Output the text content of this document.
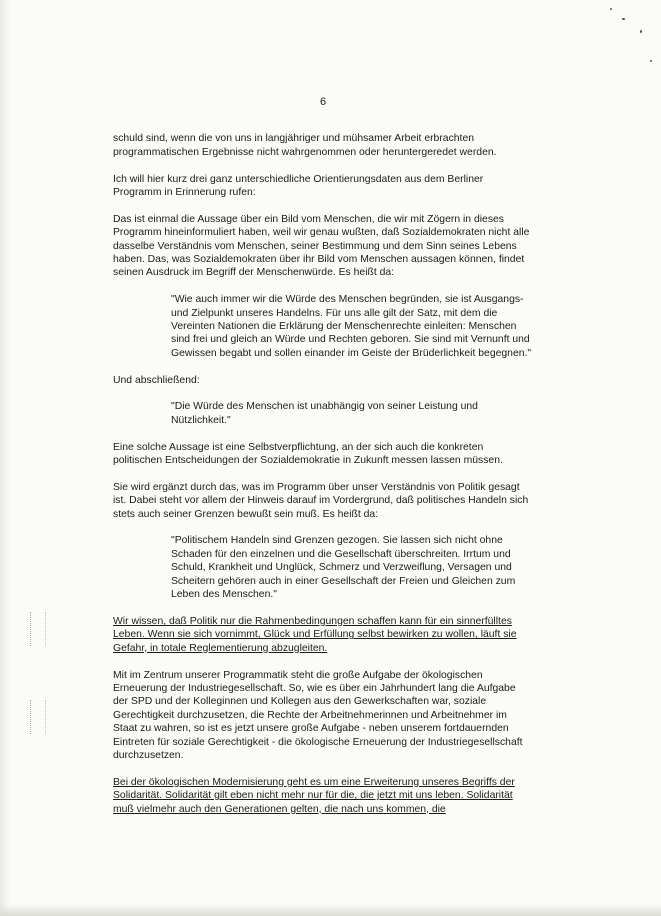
6

schuld sind, wenn die von uns in langjähriger und mühsamer Arbeit erbrachten programmatischen Ergebnisse nicht wahrgenommen oder heruntergeredet werden.

Ich will hier kurz drei ganz unterschiedliche Orientierungsdaten aus dem Berliner Programm in Erinnerung rufen:

Das ist einmal die Aussage über ein Bild vom Menschen, die wir mit Zögern in dieses Programm hineinformuliert haben, weil wir genau wußten, daß Sozialdemokraten nicht alle dasselbe Verständnis vom Menschen, seiner Bestimmung und dem Sinn seines Lebens haben. Das, was Sozialdemokraten über ihr Bild vom Menschen aussagen können, findet seinen Ausdruck im Begriff der Menschenwürde. Es heißt da:

"Wie auch immer wir die Würde des Menschen begründen, sie ist Ausgangs- und Zielpunkt unseres Handelns. Für uns alle gilt der Satz, mit dem die Vereinten Nationen die Erklärung der Menschenrechte einleiten: Menschen sind frei und gleich an Würde und Rechten geboren. Sie sind mit Vernunft und Gewissen begabt und sollen einander im Geiste der Brüderlichkeit begegnen."

Und abschließend:

"Die Würde des Menschen ist unabhängig von seiner Leistung und Nützlichkeit."

Eine solche Aussage ist eine Selbstverpflichtung, an der sich auch die konkreten politischen Entscheidungen der Sozialdemokratie in Zukunft messen lassen müssen.

Sie wird ergänzt durch das, was im Programm über unser Verständnis von Politik gesagt ist. Dabei steht vor allem der Hinweis darauf im Vordergrund, daß politisches Handeln sich stets auch seiner Grenzen bewußt sein muß. Es heißt da:

"Politischem Handeln sind Grenzen gezogen. Sie lassen sich nicht ohne Schaden für den einzelnen und die Gesellschaft überschreiten. Irrtum und Schuld, Krankheit und Unglück, Schmerz und Verzweiflung, Versagen und Scheitern gehören auch in einer Gesellschaft der Freien und Gleichen zum Leben des Menschen."

Wir wissen, daß Politik nur die Rahmenbedingungen schaffen kann für ein sinnerfülltes Leben. Wenn sie sich vornimmt, Glück und Erfüllung selbst bewirken zu wollen, läuft sie Gefahr, in totale Reglementierung abzugleiten.

Mit im Zentrum unserer Programmatik steht die große Aufgabe der ökologischen Erneuerung der Industriegesellschaft. So, wie es über ein Jahrhundert lang die Aufgabe der SPD und der Kolleginnen und Kollegen aus den Gewerkschaften war, soziale Gerechtigkeit durchzusetzen, die Rechte der Arbeitnehmerinnen und Arbeitnehmer im Staat zu wahren, so ist es jetzt unsere große Aufgabe - neben unserem fortdauernden Eintreten für soziale Gerechtigkeit - die ökologische Erneuerung der Industriegesellschaft durchzusetzen.

Bei der ökologischen Modernisierung geht es um eine Erweiterung unseres Begriffs der Solidarität. Solidarität gilt eben nicht mehr nur für die, die jetzt mit uns leben. Solidarität muß vielmehr auch den Generationen gelten, die nach uns kommen, die
